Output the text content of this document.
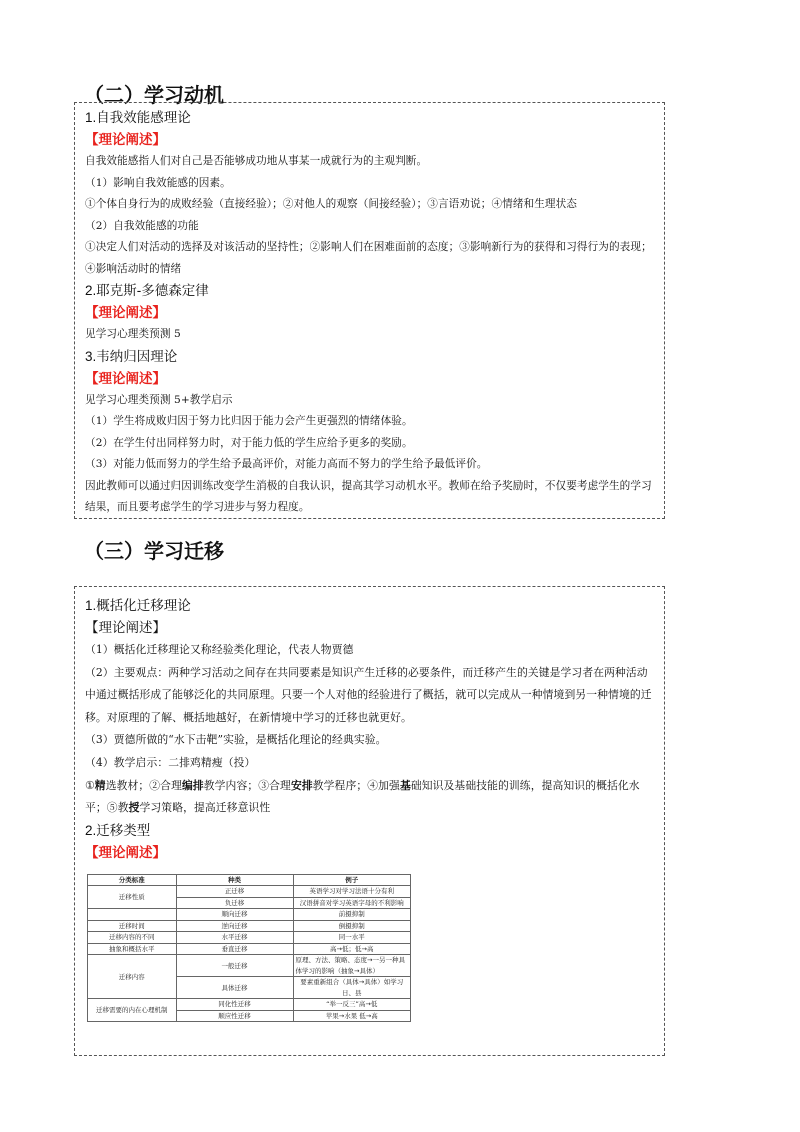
（二）学习动机

1.自我效能感理论

【理论阐述】

自我效能感指人们对自己是否能够成功地从事某一成就行为的主观判断。

（1）影响自我效能感的因素。

①个体自身行为的成败经验（直接经验）；②对他人的观察（间接经验）；③言语劝说；④情绪和生理状态

（2）自我效能感的功能

①决定人们对活动的选择及对该活动的坚持性；②影响人们在困难面前的态度；③影响新行为的获得和习得行为的表现；④影响活动时的情绪

2.耶克斯-多德森定律

【理论阐述】

见学习心理类预测 5

3.韦纳归因理论

【理论阐述】

见学习心理类预测 5+教学启示

（1）学生将成败归因于努力比归因于能力会产生更强烈的情绪体验。

（2）在学生付出同样努力时，对于能力低的学生应给予更多的奖励。

（3）对能力低而努力的学生给予最高评价，对能力高而不努力的学生给予最低评价。

因此教师可以通过归因训练改变学生消极的自我认识，提高其学习动机水平。教师在给予奖励时，不仅要考虑学生的学习结果，而且要考虑学生的学习进步与努力程度。

（三）学习迁移

1.概括化迁移理论

【理论阐述】

（1）概括化迁移理论又称经验类化理论，代表人物贾德

（2）主要观点：两种学习活动之间存在共同要素是知识产生迁移的必要条件，而迁移产生的关键是学习者在两种活动中通过概括形成了能够泛化的共同原理。只要一个人对他的经验进行了概括，就可以完成从一种情境到另一种情境的迁移。对原理的了解、概括地越好，在新情境中学习的迁移也就更好。

（3）贾德所做的“水下击靶”实验，是概括化理论的经典实验。

（4）教学启示：二排鸡精瘦（投）

①精选教材；②合理编排教学内容；③合理安排教学程序；④加强基础知识及基础技能的训练，提高知识的概括化水平；⑤教授学习策略，提高迁移意识性

2.迁移类型

【理论阐述】

分类标准	种类	例子
迁移性质	正迁移	英语学习对学习法语十分有利
	负迁移	汉语拼音对学习英语字母的不利影响
	顺向迁移	前摄抑制
迁移时间	逆向迁移	倒摄抑制
迁移内容的不同	水平迁移	同一水平
抽象和概括水平	垂直迁移	高→低；低→高
迁移内容	一般迁移	原理、方法、策略、态度→一另一种具体学习的影响（抽象→具体）
	具体迁移	要素重新组合（具体→具体）如学习日、县
迁移需要的内在心理机制	同化性迁移	“举一反三”高→低
	顺应性迁移	苹果→水果 低→高
